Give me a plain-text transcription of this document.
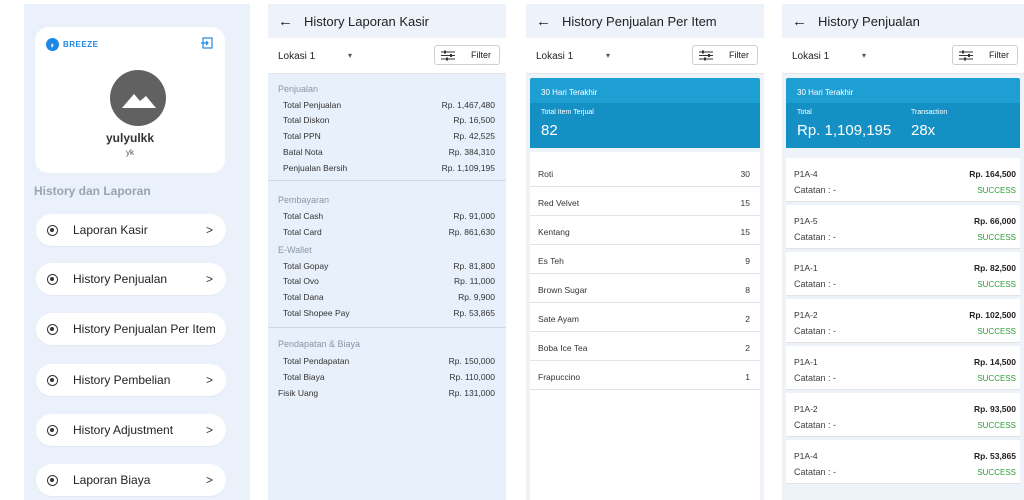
◗ BREEZE
yulyulkk
yk
History dan Laporan
Laporan Kasir	>
History Penjualan	>
History Penjualan Per Item
History Pembelian	>
History Adjustment	>
Laporan Biaya	>
← History Laporan Kasir
Lokasi 1	▾	Filter
Penjualan
Total Penjualan	Rp. 1,467,480
Total Diskon	Rp. 16,500
Total PPN	Rp. 42,525
Batal Nota	Rp. 384,310
Penjualan Bersih	Rp. 1,109,195
Pembayaran
Total Cash	Rp. 91,000
Total Card	Rp. 861,630
E-Wallet
Total Gopay	Rp. 81,800
Total Ovo	Rp. 11,000
Total Dana	Rp. 9,900
Total Shopee Pay	Rp. 53,865
Pendapatan & Biaya
Total Pendapatan	Rp. 150,000
Total Biaya	Rp. 110,000
Fisik Uang	Rp. 131,000
← History Penjualan Per Item
Lokasi 1	▾	Filter
30 Hari Terakhir
Total Item Terjual
82
Roti	30
Red Velvet	15
Kentang	15
Es Teh	9
Brown Sugar	8
Sate Ayam	2
Boba Ice Tea	2
Frapuccino	1
← History Penjualan
Lokasi 1	▾	Filter
30 Hari Terakhir
Total
Rp. 1,109,195
Transaction
28x
P1A-4	Rp. 164,500
Catatan : -	SUCCESS
P1A-5	Rp. 66,000
Catatan : -	SUCCESS
P1A-1	Rp. 82,500
Catatan : -	SUCCESS
P1A-2	Rp. 102,500
Catatan : -	SUCCESS
P1A-1	Rp. 14,500
Catatan : -	SUCCESS
P1A-2	Rp. 93,500
Catatan : -	SUCCESS
P1A-4	Rp. 53,865
Catatan : -	SUCCESS
